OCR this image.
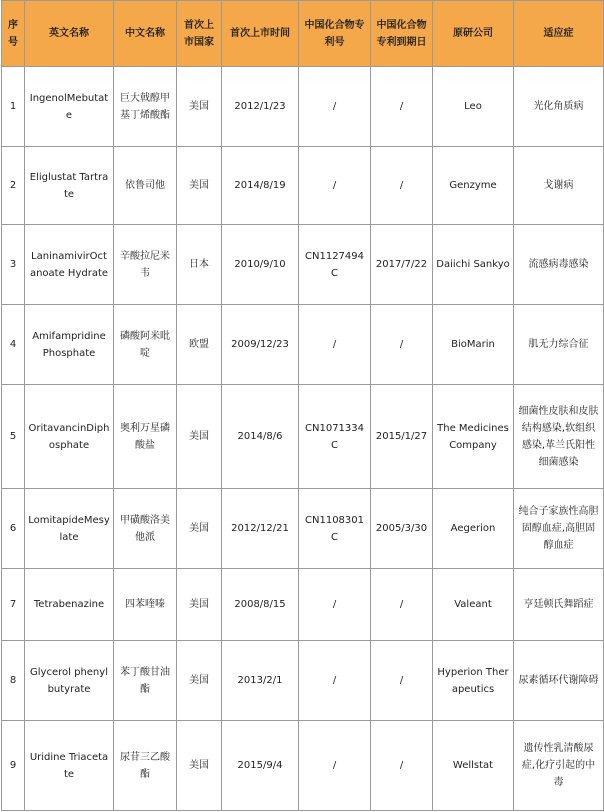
序号	英文名称	中文名称	首次上市国家	首次上市时间	中国化合物专利号	中国化合物专利到期日	原研公司	适应症
1	IngenolMebutate	巨大戟醇甲基丁烯酸酯	美国	2012/1/23	/	/	Leo	光化角质病
2	Eliglustat Tartrate	依鲁司他	美国	2014/8/19	/	/	Genzyme	戈谢病
3	LaninamivirOctanoate Hydrate	辛酸拉尼米韦	日本	2010/9/10	CN1127494C	2017/7/22	Daiichi Sankyo	流感病毒感染
4	Amifampridine Phosphate	磷酸阿米吡啶	欧盟	2009/12/23	/	/	BioMarin	肌无力综合征
5	OritavancinDiphosphate	奥利万星磷酸盐	美国	2014/8/6	CN1071334C	2015/1/27	The Medicines Company	细菌性皮肤和皮肤结构感染,软组织感染,革兰氏阳性细菌感染
6	LomitapideMesylate	甲磺酸洛美他派	美国	2012/12/21	CN1108301C	2005/3/30	Aegerion	纯合子家族性高胆固醇血症,高胆固醇血症
7	Tetrabenazine	四苯喹嗪	美国	2008/8/15	/	/	Valeant	亨廷顿氏舞蹈症
8	Glycerol phenylbutyrate	苯丁酸甘油酯	美国	2013/2/1	/	/	Hyperion Therapeutics	尿素循环代谢障碍
9	Uridine Triacetate	尿苷三乙酸酯	美国	2015/9/4	/	/	Wellstat	遗传性乳清酸尿症,化疗引起的中毒
